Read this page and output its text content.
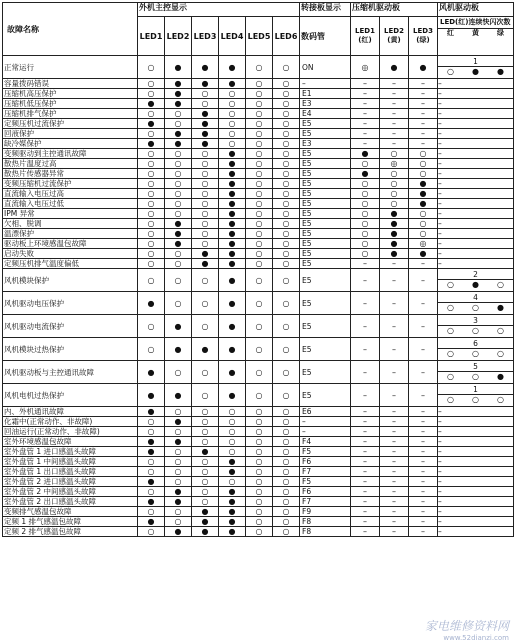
故障名称	外机主控显示						转接板显示	压缩机驱动板			风机驱动板
	LED1	LED2	LED3	LED4	LED5	LED6	数码管	LED1 (红)	LED2 (黄)	LED3 (绿)	LED(红)连续快闪次数
红 黄 绿

正常运行	○	●	●	●	○	○	ON	◎	●	●	1
○ ● ●

容量拨码错误	○	●	●	●	○	○	–	–	–	–	–
压缩机高压保护	○	●	○	○	○	○	E1	–	–	–	–
压缩机低压保护	●	●	○	○	○	○	E3	–	–	–	–
压缩机排气保护	○	○	●	○	○	○	E4	–	–	–	–
定频压机过流保护	●	○	●	○	○	○	E5	–	–	–	–
回液保护	○	●	●	○	○	○	E5	–	–	–	–
缺冷媒保护	●	●	●	○	○	○	E3	–	–	–	–
变频驱动到主控通讯故障	○	○	○	●	○	○	E5	●	○	○	–
散热片温度过高	○	○	○	●	○	○	E5	○	◎	○	–
散热片传感器异常	○	○	○	●	○	○	E5	●	○	○	–
变频压缩机过流保护	○	○	○	●	○	○	E5	○	○	●	–
直流输入电压过高	○	○	○	●	○	○	E5	○	○	●	–
直流输入电压过低	○	○	○	●	○	○	E5	○	○	●	–
IPM 异常	○	○	○	●	○	○	E5	○	●	○	–
欠相、脱调	○	●	○	●	○	○	E5	○	●	○	–
温漂保护	○	●	○	●	○	○	E5	○	●	○	–
驱动板上环境感温包故障	○	●	○	●	○	○	E5	○	●	◎	–
启动失败	○	○	●	●	○	○	E5	○	●	●	–
定频压机排气温度偏低	○	○	●	●	○	○	E5	–	–	–	–
风机模块保护	○	○	○	●	○	○	E5	–	–	–	2
○ ● ○

风机驱动电压保护	●	○	○	●	○	○	E5	–	–	–	4
○ ○ ●

风机驱动电流保护	○	●	○	●	○	○	E5	–	–	–	3
○ ○ ○

风机模块过热保护	○	●	●	●	○	○	E5	–	–	–	6
○ ○ ○

风机驱动板与主控通讯故障	●	○	○	●	○	○	E5	–	–	–	5
○ ○ ●

风机电机过热保护	●	●	○	●	○	○	E5	–	–	–	1
○ ○ ○

内、外机通讯故障	●	○	○	○	○	○	E6	–	–	–	–
化霜中(正常动作、非故障)	○	●	○	○	○	○	–	–	–	–	–
回油运行(正常动作、非故障)	○	○	○	○	○	○	–	–	–	–	–
室外环境感温包故障	●	●	○	○	○	○	F4	–	–	–	–
室外盘管 1 进口感温头故障	●	○	●	○	○	○	F5	–	–	–	–
室外盘管 1 中间感温头故障	○	○	○	●	○	○	F6	–	–	–	–
室外盘管 1 出口感温头故障	○	○	○	●	○	○	F7	–	–	–	–
室外盘管 2 进口感温头故障	●	○	○	○	○	○	F5	–	–	–	–
室外盘管 2 中间感温头故障	○	●	○	●	○	○	F6	–	–	–	–
室外盘管 2 出口感温头故障	●	●	○	●	○	○	F7	–	–	–	–
变频排气感温包故障	○	○	●	●	○	○	F9	–	–	–	–
定频 1 排气感温包故障	●	○	●	●	○	○	F8	–	–	–	–
定频 2 排气感温包故障	○	●	●	●	○	○	F8	–	–	–	–
家电维修资料网
www.52dianzi.com
